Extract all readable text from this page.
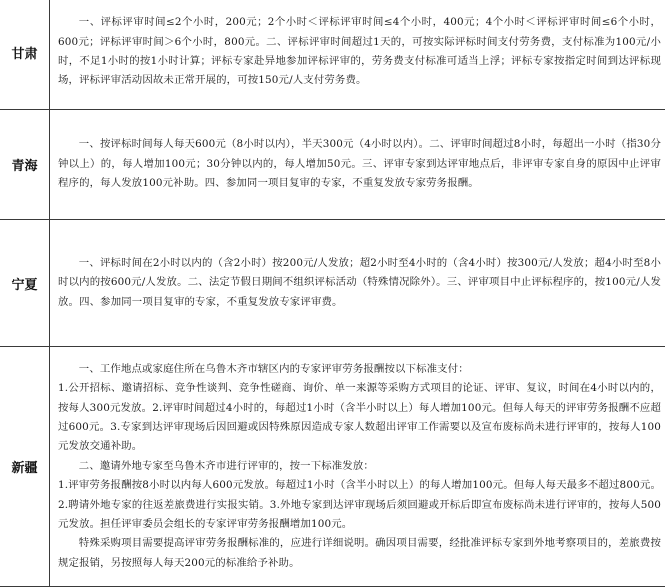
甘肃

一、评标评审时间≤2个小时，200元；2个小时＜评标评审时间≤4个小时，400元；4个小时＜评标评审时间≤6个小时，600元；评标评审时间＞6个小时，800元。二、评标评审时间超过1天的，可按实际评标时间支付劳务费，支付标准为100元/小时，不足1小时的按1小时计算；评标专家赴异地参加评标评审的，劳务费支付标准可适当上浮；评标专家按指定时间到达评标现场，评标评审活动因故未正常开展的，可按150元/人支付劳务费。

青海

一、按评标时间每人每天600元（8小时以内），半天300元（4小时以内）。二、评审时间超过8小时，每超出一小时（指30分钟以上）的，每人增加100元；30分钟以内的，每人增加50元。三、评审专家到达评审地点后，非评审专家自身的原因中止评审程序的，每人发放100元补助。四、参加同一项目复审的专家，不重复发放专家劳务报酬。

宁夏

一、评标时间在2小时以内的（含2小时）按200元/人发放；超2小时至4小时的（含4小时）按300元/人发放；超4小时至8小时以内的按600元/人发放。二、法定节假日期间不组织评标活动（特殊情况除外）。三、评审项目中止评标程序的，按100元/人发放。四、参加同一项目复审的专家，不重复发放专家评审费。

新疆

一、工作地点或家庭住所在乌鲁木齐市辖区内的专家评审劳务报酬按以下标准支付：

1.公开招标、邀请招标、竞争性谈判、竞争性磋商、询价、单一来源等采购方式项目的论证、评审、复议，时间在4小时以内的，按每人300元发放。2.评审时间超过4小时的，每超过1小时（含半小时以上）每人增加100元。但每人每天的评审劳务报酬不应超过600元。3.专家到达评审现场后因回避或因特殊原因造成专家人数超出评审工作需要以及宣布废标尚未进行评审的，按每人100元发放交通补助。

二、邀请外地专家至乌鲁木齐市进行评审的，按一下标准发放：

1.评审劳务报酬按8小时以内每人600元发放。每超过1小时（含半小时以上）的每人增加100元。但每人每天最多不超过800元。2.聘请外地专家的往返差旅费进行实报实销。3.外地专家到达评审现场后须回避或开标后即宣布废标尚未进行评审的，按每人500元发放。担任评审委员会组长的专家评审劳务报酬增加100元。

特殊采购项目需要提高评审劳务报酬标准的，应进行详细说明。确因项目需要，经批准评标专家到外地考察项目的，差旅费按规定报销，另按照每人每天200元的标准给予补助。
